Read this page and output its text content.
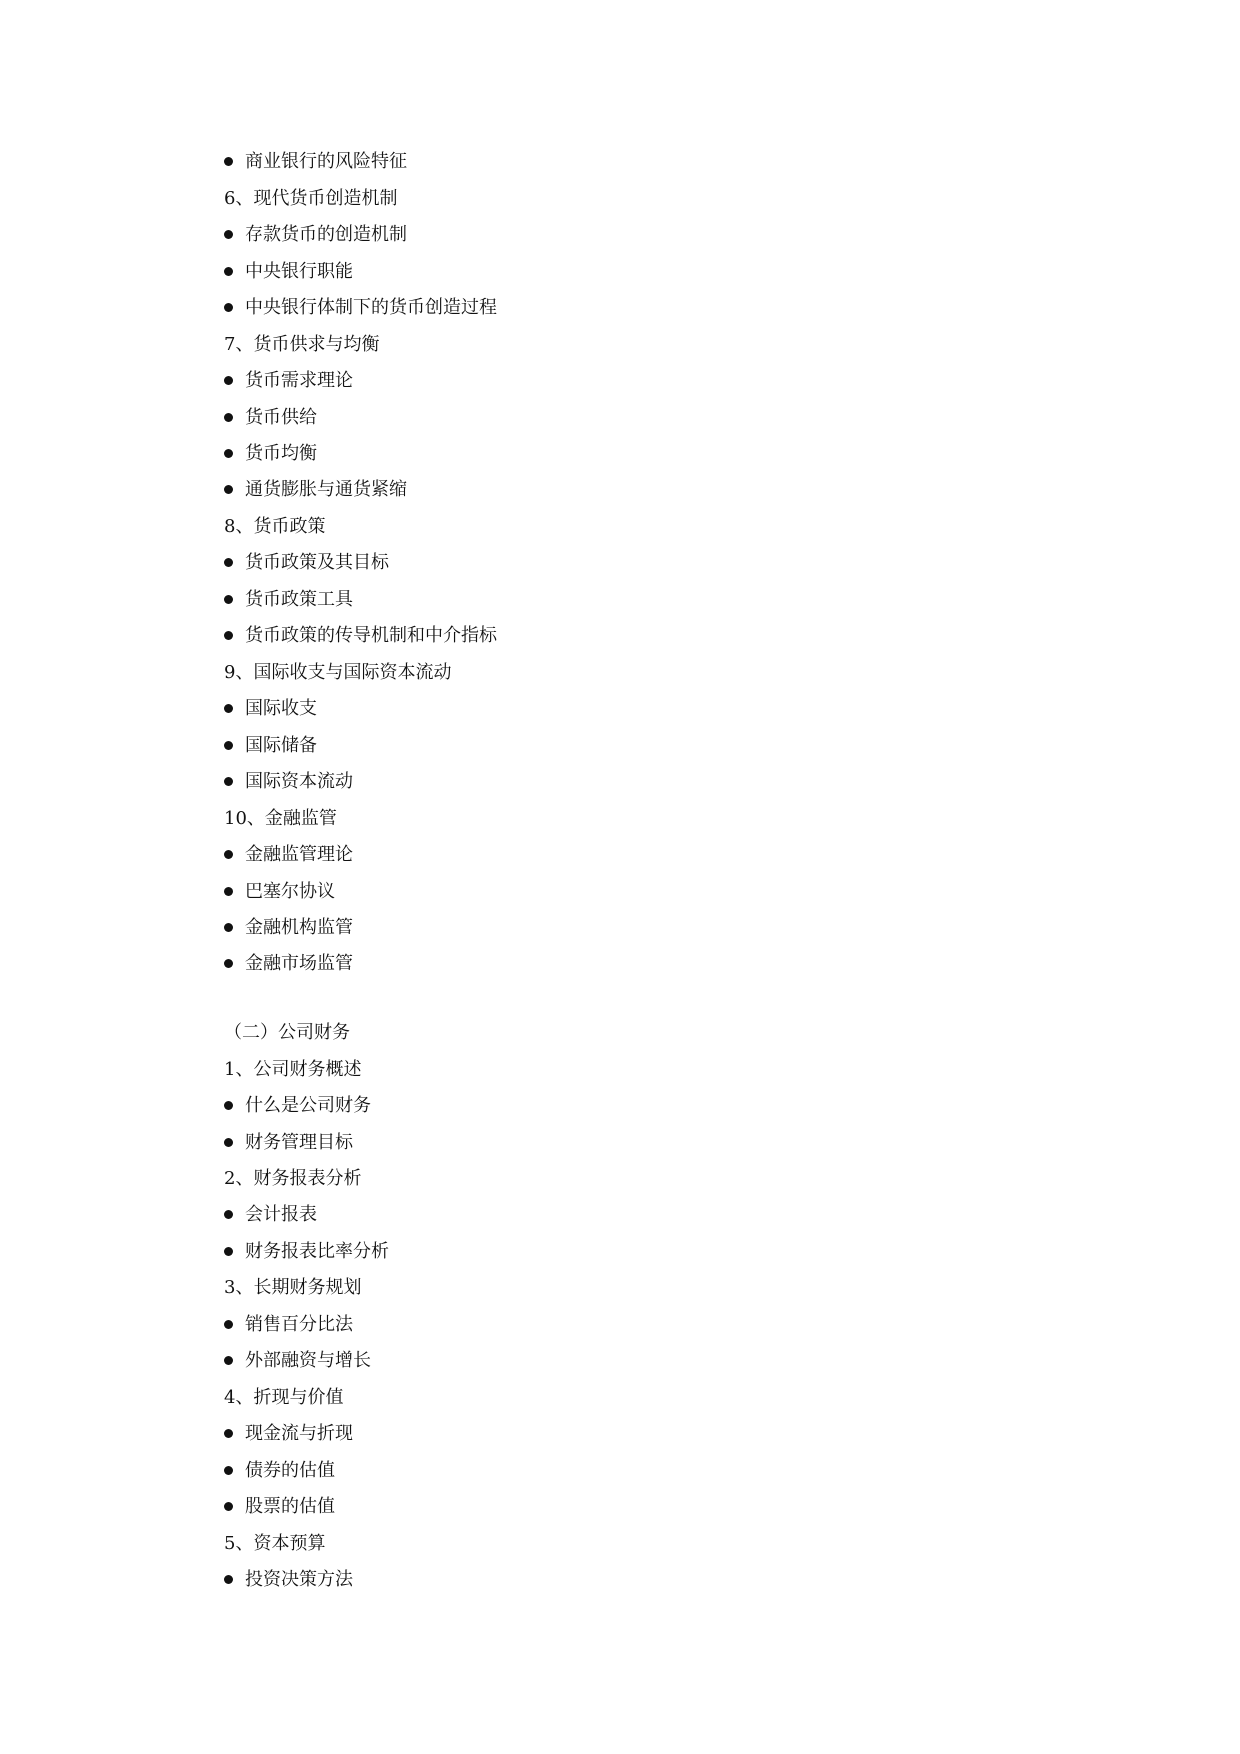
商业银行的风险特征
6、现代货币创造机制
存款货币的创造机制
中央银行职能
中央银行体制下的货币创造过程
7、货币供求与均衡
货币需求理论
货币供给
货币均衡
通货膨胀与通货紧缩
8、货币政策
货币政策及其目标
货币政策工具
货币政策的传导机制和中介指标
9、国际收支与国际资本流动
国际收支
国际储备
国际资本流动
10、金融监管
金融监管理论
巴塞尔协议
金融机构监管
金融市场监管
（二）公司财务
1、公司财务概述
什么是公司财务
财务管理目标
2、财务报表分析
会计报表
财务报表比率分析
3、长期财务规划
销售百分比法
外部融资与增长
4、折现与价值
现金流与折现
债券的估值
股票的估值
5、资本预算
投资决策方法
